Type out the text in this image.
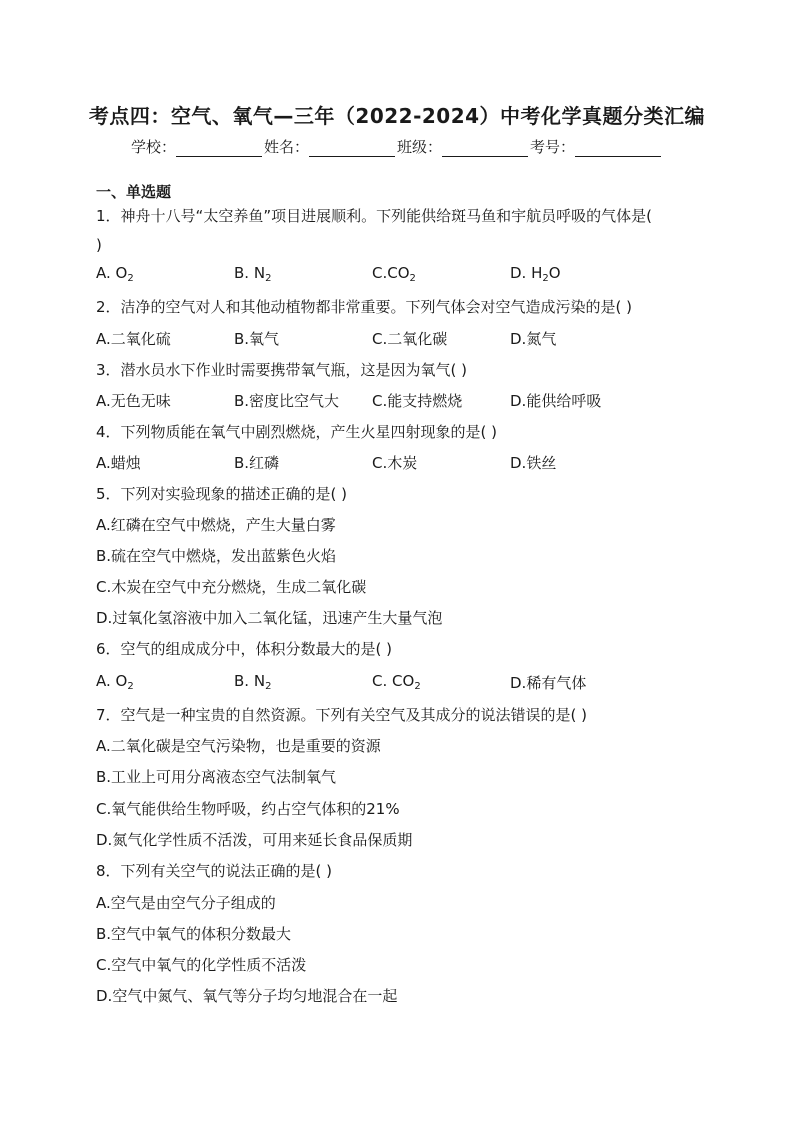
考点四：空气、氧气—三年（2022-2024）中考化学真题分类汇编
学校：	姓名：	班级：	考号：
一、单选题
1．神舟十八号“太空养鱼”项目进展顺利。下列能供给斑马鱼和宇航员呼吸的气体是(
)
A. $O_2$	B. $N_2$	$C.CO_2$	D. $H_2O$
2．洁净的空气对人和其他动植物都非常重要。下列气体会对空气造成污染的是( )
A.二氧化硫	B.氧气	C.二氧化碳	D.氮气
3．潜水员水下作业时需要携带氧气瓶，这是因为氧气( )
A.无色无味	B.密度比空气大	C.能支持燃烧	D.能供给呼吸
4．下列物质能在氧气中剧烈燃烧，产生火星四射现象的是( )
A.蜡烛	B.红磷	C.木炭	D.铁丝
5．下列对实验现象的描述正确的是( )
A.红磷在空气中燃烧，产生大量白雾
B.硫在空气中燃烧，发出蓝紫色火焰
C.木炭在空气中充分燃烧，生成二氧化碳
D.过氧化氢溶液中加入二氧化锰，迅速产生大量气泡
6．空气的组成成分中，体积分数最大的是( )
A. $O_2$	B. $N_2$	C. $CO_2$	D.稀有气体
7．空气是一种宝贵的自然资源。下列有关空气及其成分的说法错误的是( )
A.二氧化碳是空气污染物，也是重要的资源
B.工业上可用分离液态空气法制氧气
C.氧气能供给生物呼吸，约占空气体积的21%
D.氮气化学性质不活泼，可用来延长食品保质期
8．下列有关空气的说法正确的是( )
A.空气是由空气分子组成的
B.空气中氧气的体积分数最大
C.空气中氧气的化学性质不活泼
D.空气中氮气、氧气等分子均匀地混合在一起
